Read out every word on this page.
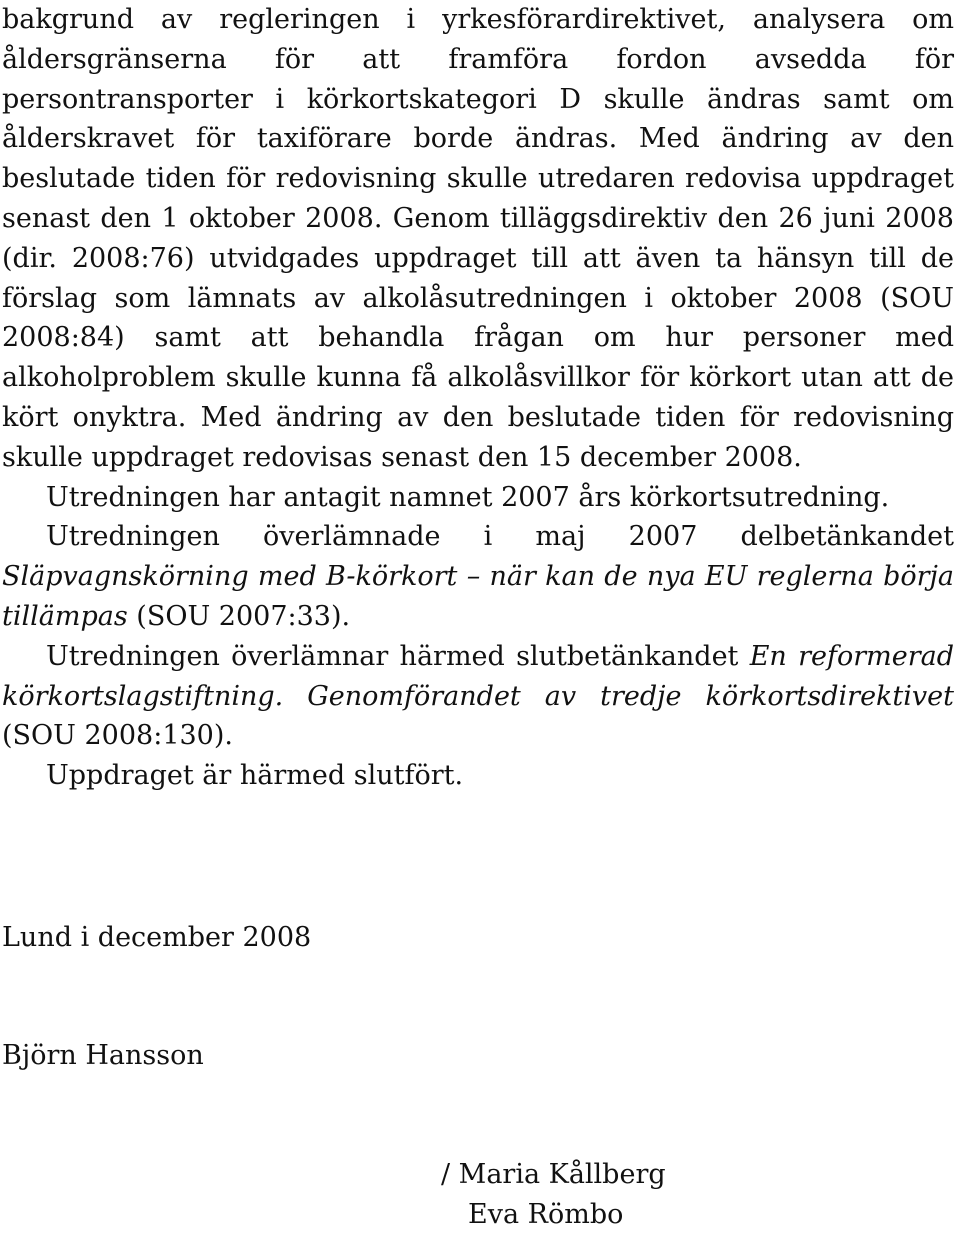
bakgrund av regleringen i yrkesförardirektivet, analysera om åldersgränserna för att framföra fordon avsedda för persontransporter i körkortskategori D skulle ändras samt om ålderskravet för taxiförare borde ändras. Med ändring av den beslutade tiden för redovisning skulle utredaren redovisa uppdraget senast den 1 oktober 2008. Genom tilläggsdirektiv den 26 juni 2008 (dir. 2008:76) utvidgades uppdraget till att även ta hänsyn till de förslag som lämnats av alkolåsutredningen i oktober 2008 (SOU 2008:84) samt att behandla frågan om hur personer med alkoholproblem skulle kunna få alkolåsvillkor för körkort utan att de kört onyktra. Med ändring av den beslutade tiden för redovisning skulle uppdraget redovisas senast den 15 december 2008.

Utredningen har antagit namnet 2007 års körkortsutredning.

Utredningen överlämnade i maj 2007 delbetänkandet Släpvagnskörning med B-körkort – när kan de nya EU reglerna börja tillämpas (SOU 2007:33).

Utredningen överlämnar härmed slutbetänkandet En reformerad körkortslagstiftning. Genomförandet av tredje körkortsdirektivet (SOU 2008:130).

Uppdraget är härmed slutfört.

Lund i december 2008
Björn Hansson
/ Maria Kållberg
Eva Römbo
